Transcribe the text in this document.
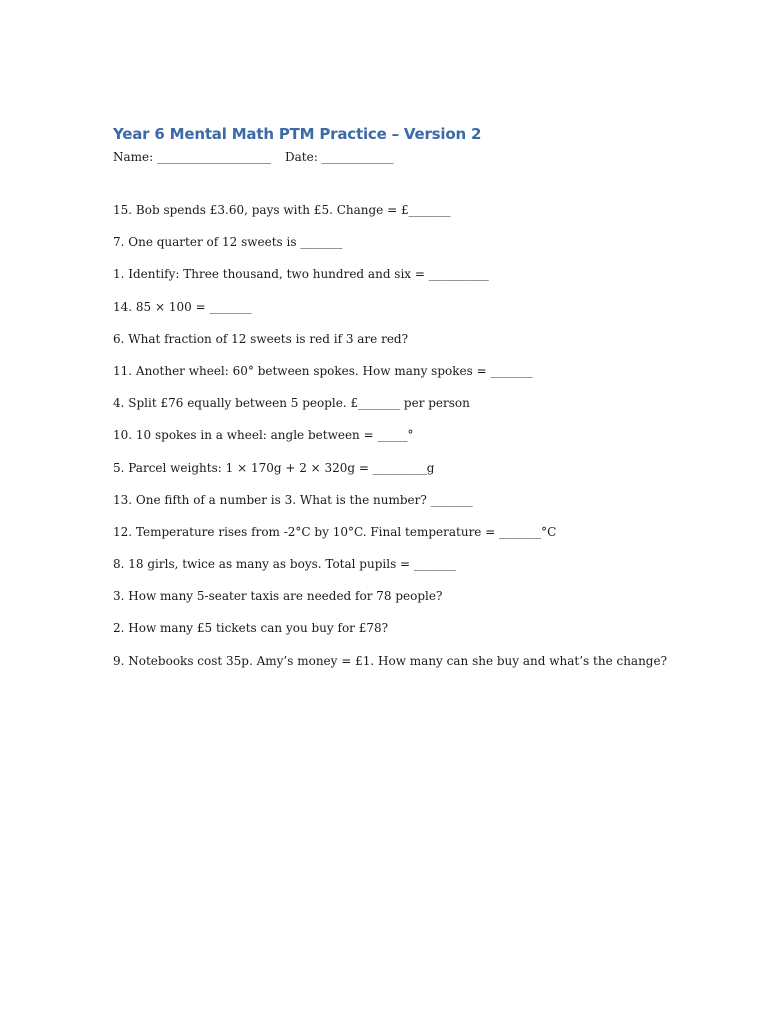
Year 6 Mental Math PTM Practice – Version 2
Name: ___________________ Date: ____________
15. Bob spends £3.60, pays with £5. Change = £_______
7. One quarter of 12 sweets is _______
1. Identify: Three thousand, two hundred and six = __________
14. 85 × 100 = _______
6. What fraction of 12 sweets is red if 3 are red?
11. Another wheel: 60° between spokes. How many spokes = _______
4. Split £76 equally between 5 people. £_______ per person
10. 10 spokes in a wheel: angle between = _____°
5. Parcel weights: 1 × 170g + 2 × 320g = _________g
13. One fifth of a number is 3. What is the number? _______
12. Temperature rises from -2°C by 10°C. Final temperature = _______°C
8. 18 girls, twice as many as boys. Total pupils = _______
3. How many 5-seater taxis are needed for 78 people?
2. How many £5 tickets can you buy for £78?
9. Notebooks cost 35p. Amy’s money = £1. How many can she buy and what’s the change?
